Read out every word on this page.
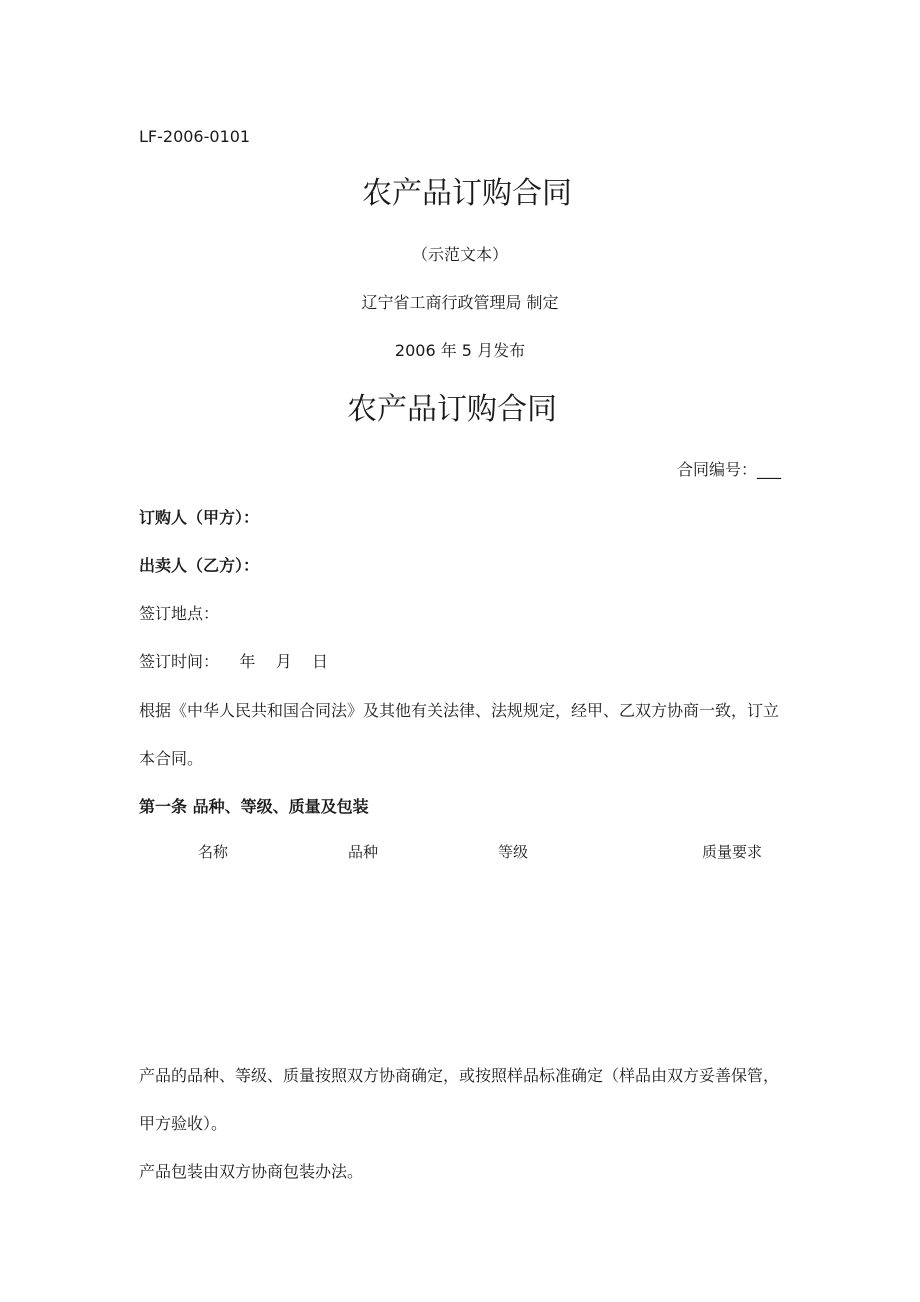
LF-2006-0101
农产品订购合同
（示范文本）
辽宁省工商行政管理局 制定
2006 年 5 月发布
农产品订购合同
合同编号：___
订购人（甲方）：
出卖人（乙方）：
签订地点：
签订时间：    年    月    日
根据《中华人民共和国合同法》及其他有关法律、法规规定，经甲、乙双方协商一致，订立
本合同。
第一条 品种、等级、质量及包装
名称	品种	等级	质量要求
产品的品种、等级、质量按照双方协商确定，或按照样品标准确定（样品由双方妥善保管，
甲方验收）。
产品包装由双方协商包装办法。
